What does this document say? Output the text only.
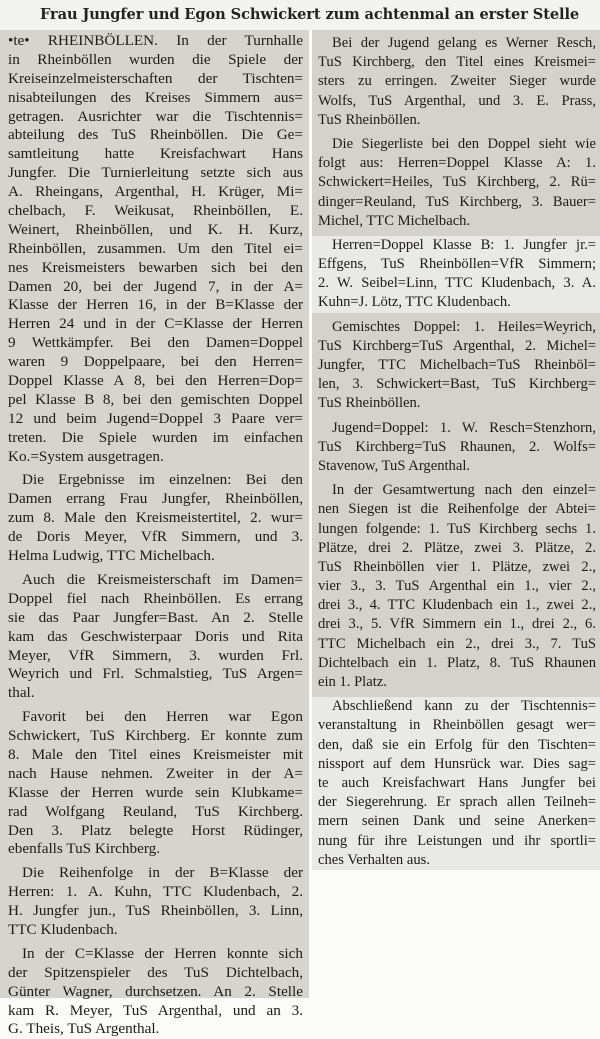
Frau Jungfer und Egon Schwickert zum achtenmal an erster Stelle
•te• RHEINBÖLLEN. In der Turnhalle
in Rheinböllen wurden die Spiele der
Kreiseinzelmeisterschaften der Tischten=
nisabteilungen des Kreises Simmern aus=
getragen. Ausrichter war die Tischtennis=
abteilung des TuS Rheinböllen. Die Ge=
samtleitung hatte Kreisfachwart Hans
Jungfer. Die Turnierleitung setzte sich aus
A. Rheingans, Argenthal, H. Krüger, Mi=
chelbach, F. Weikusat, Rheinböllen, E.
Weinert, Rheinböllen, und K. H. Kurz,
Rheinböllen, zusammen. Um den Titel ei=
nes Kreismeisters bewarben sich bei den
Damen 20, bei der Jugend 7, in der A=
Klasse der Herren 16, in der B=Klasse der
Herren 24 und in der C=Klasse der Herren
9 Wettkämpfer. Bei den Damen=Doppel
waren 9 Doppelpaare, bei den Herren=
Doppel Klasse A 8, bei den Herren=Dop=
pel Klasse B 8, bei den gemischten Doppel
12 und beim Jugend=Doppel 3 Paare ver=
treten. Die Spiele wurden im einfachen
Ko.=System ausgetragen.
Die Ergebnisse im einzelnen: Bei den
Damen errang Frau Jungfer, Rheinböllen,
zum 8. Male den Kreismeistertitel, 2. wur=
de Doris Meyer, VfR Simmern, und 3.
Helma Ludwig, TTC Michelbach.
Auch die Kreismeisterschaft im Damen=
Doppel fiel nach Rheinböllen. Es errang
sie das Paar Jungfer=Bast. An 2. Stelle
kam das Geschwisterpaar Doris und Rita
Meyer, VfR Simmern, 3. wurden Frl.
Weyrich und Frl. Schmalstieg, TuS Argen=
thal.
Favorit bei den Herren war Egon
Schwickert, TuS Kirchberg. Er konnte zum
8. Male den Titel eines Kreismeister mit
nach Hause nehmen. Zweiter in der A=
Klasse der Herren wurde sein Klubkame=
rad Wolfgang Reuland, TuS Kirchberg.
Den 3. Platz belegte Horst Rüdinger,
ebenfalls TuS Kirchberg.
Die Reihenfolge in der B=Klasse der
Herren: 1. A. Kuhn, TTC Kludenbach, 2.
H. Jungfer jun., TuS Rheinböllen, 3. Linn,
TTC Kludenbach.
In der C=Klasse der Herren konnte sich
der Spitzenspieler des TuS Dichtelbach,
Günter Wagner, durchsetzen. An 2. Stelle
kam R. Meyer, TuS Argenthal, und an 3.
G. Theis, TuS Argenthal.
Bei der Jugend gelang es Werner Resch,
TuS Kirchberg, den Titel eines Kreismei=
sters zu erringen. Zweiter Sieger wurde
Wolfs, TuS Argenthal, und 3. E. Prass,
TuS Rheinböllen.
Die Siegerliste bei den Doppel sieht wie
folgt aus: Herren=Doppel Klasse A: 1.
Schwickert=Heiles, TuS Kirchberg, 2. Rü=
dinger=Reuland, TuS Kirchberg, 3. Bauer=
Michel, TTC Michelbach.
Herren=Doppel Klasse B: 1. Jungfer jr.=
Effgens, TuS Rheinböllen=VfR Simmern;
2. W. Seibel=Linn, TTC Kludenbach, 3. A.
Kuhn=J. Lötz, TTC Kludenbach.
Gemischtes Doppel: 1. Heiles=Weyrich,
TuS Kirchberg=TuS Argenthal, 2. Michel=
Jungfer, TTC Michelbach=TuS Rheinböl=
len, 3. Schwickert=Bast, TuS Kirchberg=
TuS Rheinböllen.
Jugend=Doppel: 1. W. Resch=Stenzhorn,
TuS Kirchberg=TuS Rhaunen, 2. Wolfs=
Stavenow, TuS Argenthal.
In der Gesamtwertung nach den einzel=
nen Siegen ist die Reihenfolge der Abtei=
lungen folgende: 1. TuS Kirchberg sechs 1.
Plätze, drei 2. Plätze, zwei 3. Plätze, 2.
TuS Rheinböllen vier 1. Plätze, zwei 2.,
vier 3., 3. TuS Argenthal ein 1., vier 2.,
drei 3., 4. TTC Kludenbach ein 1., zwei 2.,
drei 3., 5. VfR Simmern ein 1., drei 2., 6.
TTC Michelbach ein 2., drei 3., 7. TuS
Dichtelbach ein 1. Platz, 8. TuS Rhaunen
ein 1. Platz.
Abschließend kann zu der Tischtennis=
veranstaltung in Rheinböllen gesagt wer=
den, daß sie ein Erfolg für den Tischten=
nissport auf dem Hunsrück war. Dies sag=
te auch Kreisfachwart Hans Jungfer bei
der Siegerehrung. Er sprach allen Teilneh=
mern seinen Dank und seine Anerken=
nung für ihre Leistungen und ihr sportli=
ches Verhalten aus.
